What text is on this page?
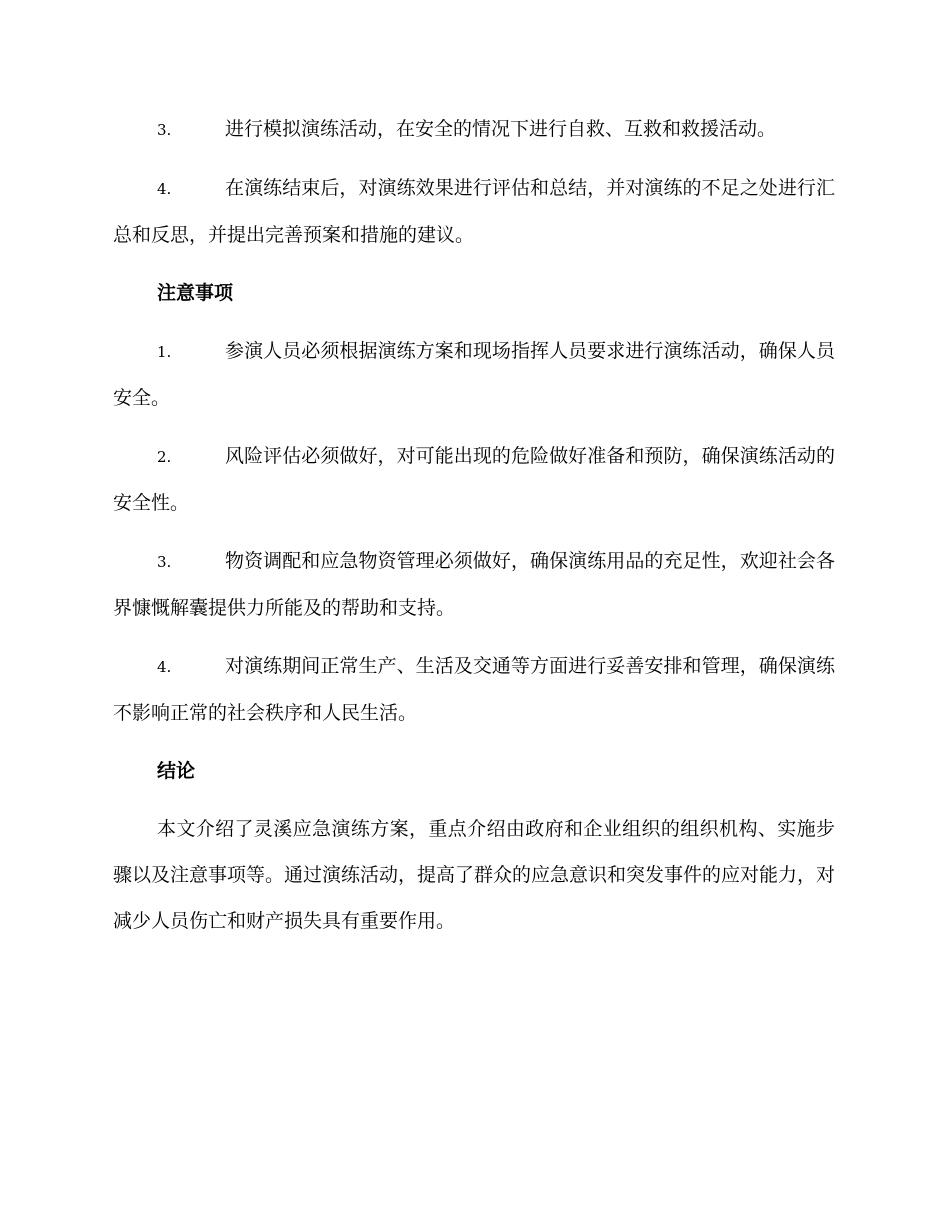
3.	进行模拟演练活动，在安全的情况下进行自救、互救和救援活动。

4.	在演练结束后，对演练效果进行评估和总结，并对演练的不足之处进行汇总和反思，并提出完善预案和措施的建议。

注意事项

1.	参演人员必须根据演练方案和现场指挥人员要求进行演练活动，确保人员安全。

2.	风险评估必须做好，对可能出现的危险做好准备和预防，确保演练活动的安全性。

3.	物资调配和应急物资管理必须做好，确保演练用品的充足性，欢迎社会各界慷慨解囊提供力所能及的帮助和支持。

4.	对演练期间正常生产、生活及交通等方面进行妥善安排和管理，确保演练不影响正常的社会秩序和人民生活。

结论

本文介绍了灵溪应急演练方案，重点介绍由政府和企业组织的组织机构、实施步骤以及注意事项等。通过演练活动，提高了群众的应急意识和突发事件的应对能力，对减少人员伤亡和财产损失具有重要作用。
